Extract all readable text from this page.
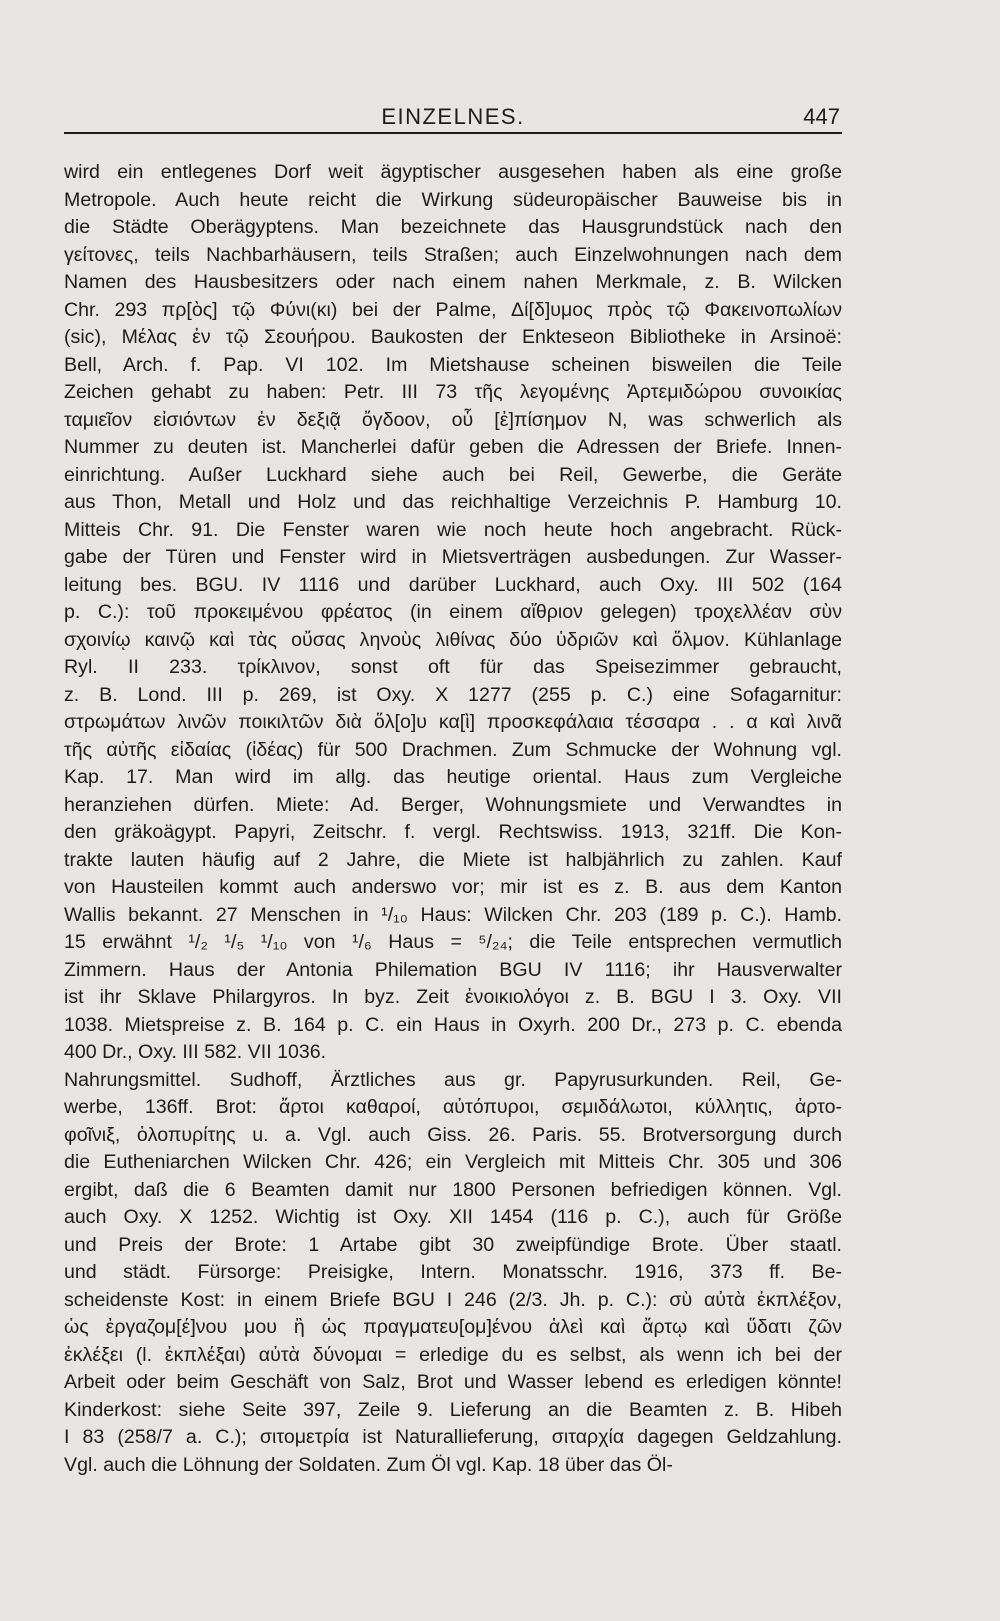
EINZELNES.	447
wird ein entlegenes Dorf weit ägyptischer ausgesehen haben als eine große
Metropole. Auch heute reicht die Wirkung südeuropäischer Bauweise bis in
die Städte Oberägyptens. Man bezeichnete das Hausgrundstück nach den
γείτονες, teils Nachbarhäusern, teils Straßen; auch Einzelwohnungen nach dem
Namen des Hausbesitzers oder nach einem nahen Merkmale, z. B. Wilcken
Chr. 293 πρ[ὸς] τῷ Φύνι(κι) bei der Palme, Δί[δ]υμος πρὸς τῷ Φακεινοπωλίων
(sic), Μέλας ἐν τῷ Σεουήρου. Baukosten der Enkteseon Bibliotheke in Arsinoë:
Bell, Arch. f. Pap. VI 102. Im Mietshause scheinen bisweilen die Teile
Zeichen gehabt zu haben: Petr. III 73 τῆς λεγομένης Ἀρτεμιδώρου συνοικίας
ταμιεῖον εἰσιόντων ἐν δεξιᾷ ὄγδοον, οὗ [ἐ]πίσημον N, was schwerlich als
Nummer zu deuten ist. Mancherlei dafür geben die Adressen der Briefe. Innen-
einrichtung. Außer Luckhard siehe auch bei Reil, Gewerbe, die Geräte
aus Thon, Metall und Holz und das reichhaltige Verzeichnis P. Hamburg 10.
Mitteis Chr. 91. Die Fenster waren wie noch heute hoch angebracht. Rück-
gabe der Türen und Fenster wird in Mietsverträgen ausbedungen. Zur Wasser-
leitung bes. BGU. IV 1116 und darüber Luckhard, auch Oxy. III 502 (164
p. C.): τοῦ προκειμένου φρέατος (in einem αἴθριον gelegen) τροχελλέαν σὺν
σχοινίῳ καινῷ καὶ τὰς οὔσας ληνοὺς λιθίνας δύο ὑδριῶν καὶ ὅλμον. Kühlanlage
Ryl. II 233. τρίκλινον, sonst oft für das Speisezimmer gebraucht,
z. B. Lond. III p. 269, ist Oxy. X 1277 (255 p. C.) eine Sofagarnitur:
στρωμάτων λινῶν ποικιλτῶν διὰ ὅλ[ο]υ κα[ὶ] προσκεφάλαια τέσσαρα . . α καὶ λινᾶ
τῆς αὐτῆς εἰδαίας (ἰδέας) für 500 Drachmen. Zum Schmucke der Wohnung vgl.
Kap. 17. Man wird im allg. das heutige oriental. Haus zum Vergleiche
heranziehen dürfen. Miete: Ad. Berger, Wohnungsmiete und Verwandtes in
den gräkoägypt. Papyri, Zeitschr. f. vergl. Rechtswiss. 1913, 321ff. Die Kon-
trakte lauten häufig auf 2 Jahre, die Miete ist halbjährlich zu zahlen. Kauf
von Hausteilen kommt auch anderswo vor; mir ist es z. B. aus dem Kanton
Wallis bekannt. 27 Menschen in ¹/₁₀ Haus: Wilcken Chr. 203 (189 p. C.). Hamb.
15 erwähnt ¹/₂ ¹/₅ ¹/₁₀ von ¹/₆ Haus = ⁵/₂₄; die Teile entsprechen vermutlich
Zimmern. Haus der Antonia Philemation BGU IV 1116; ihr Hausverwalter
ist ihr Sklave Philargyros. In byz. Zeit ἐνοικιολόγοι z. B. BGU I 3. Oxy. VII
1038. Mietspreise z. B. 164 p. C. ein Haus in Oxyrh. 200 Dr., 273 p. C. ebenda
400 Dr., Oxy. III 582. VII 1036.
Nahrungsmittel. Sudhoff, Ärztliches aus gr. Papyrusurkunden. Reil, Ge-
werbe, 136ff. Brot: ἄρτοι καθαροί, αὐτόπυροι, σεμιδάλωτοι, κύλλητις, ἀρτο-
φοῖνιξ, ὁλοπυρίτης u. a. Vgl. auch Giss. 26. Paris. 55. Brotversorgung durch
die Eutheniarchen Wilcken Chr. 426; ein Vergleich mit Mitteis Chr. 305 und 306
ergibt, daß die 6 Beamten damit nur 1800 Personen befriedigen können. Vgl.
auch Oxy. X 1252. Wichtig ist Oxy. XII 1454 (116 p. C.), auch für Größe
und Preis der Brote: 1 Artabe gibt 30 zweipfündige Brote. Über staatl.
und städt. Fürsorge: Preisigke, Intern. Monatsschr. 1916, 373 ff. Be-
scheidenste Kost: in einem Briefe BGU I 246 (2/3. Jh. p. C.): σὺ αὐτὰ ἐκπλέξον,
ὡς ἐργαζομ[έ]νου μου ἢ ὡς πραγματευ[ομ]ένου ἁλεὶ καὶ ἄρτῳ καὶ ὕδατι ζῶν
ἐκλέξει (l. ἐκπλέξαι) αὐτὰ δύνομαι = erledige du es selbst, als wenn ich bei der
Arbeit oder beim Geschäft von Salz, Brot und Wasser lebend es erledigen könnte!
Kinderkost: siehe Seite 397, Zeile 9. Lieferung an die Beamten z. B. Hibeh
I 83 (258/7 a. C.); σιτομετρία ist Naturallieferung, σιταρχία dagegen Geldzahlung.
Vgl. auch die Löhnung der Soldaten. Zum Öl vgl. Kap. 18 über das Öl-
